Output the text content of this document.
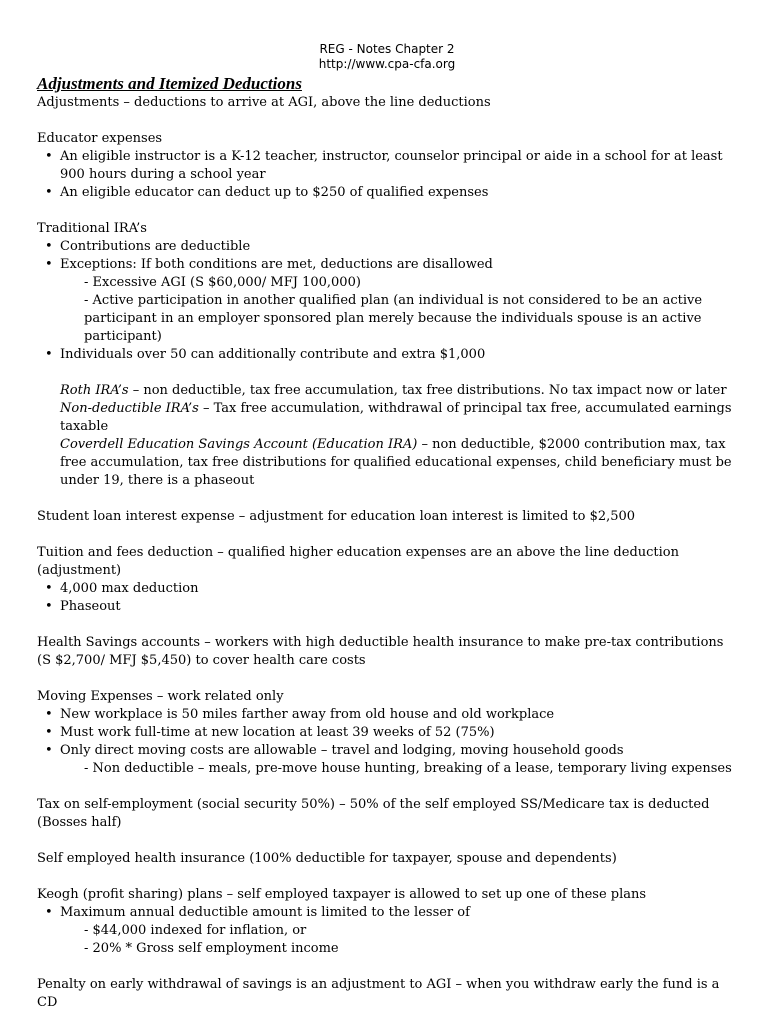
REG - Notes Chapter 2
http://www.cpa-cfa.org
Adjustments and Itemized Deductions

Adjustments – deductions to arrive at AGI, above the line deductions

Educator expenses

• An eligible instructor is a K-12 teacher, instructor, counselor principal or aide in a school for at least 900 hours during a school year
• An eligible educator can deduct up to $250 of qualified expenses

Traditional IRA’s

• Contributions are deductible
• Exceptions: If both conditions are met, deductions are disallowed
- Excessive AGI (S $60,000/ MFJ 100,000)
- Active participation in another qualified plan (an individual is not considered to be an active participant in an employer sponsored plan merely because the individuals spouse is an active participant)
• Individuals over 50 can additionally contribute and extra $1,000
Roth IRA’s – non deductible, tax free accumulation, tax free distributions. No tax impact now or later
Non-deductible IRA’s – Tax free accumulation, withdrawal of principal tax free, accumulated earnings taxable
Coverdell Education Savings Account (Education IRA) – non deductible, $2000 contribution max, tax free accumulation, tax free distributions for qualified educational expenses, child beneficiary must be under 19, there is a phaseout

Student loan interest expense – adjustment for education loan interest is limited to $2,500

Tuition and fees deduction – qualified higher education expenses are an above the line deduction (adjustment)

• 4,000 max deduction
• Phaseout

Health Savings accounts – workers with high deductible health insurance to make pre-tax contributions (S $2,700/ MFJ $5,450) to cover health care costs

Moving Expenses – work related only

• New workplace is 50 miles farther away from old house and old workplace
• Must work full-time at new location at least 39 weeks of 52 (75%)
• Only direct moving costs are allowable – travel and lodging, moving household goods
- Non deductible – meals, pre-move house hunting, breaking of a lease, temporary living expenses

Tax on self-employment (social security 50%) – 50% of the self employed SS/Medicare tax is deducted (Bosses half)

Self employed health insurance (100% deductible for taxpayer, spouse and dependents)

Keogh (profit sharing) plans – self employed taxpayer is allowed to set up one of these plans

• Maximum annual deductible amount is limited to the lesser of
- $44,000 indexed for inflation, or
- 20% * Gross self employment income

Penalty on early withdrawal of savings is an adjustment to AGI – when you withdraw early the fund is a CD
